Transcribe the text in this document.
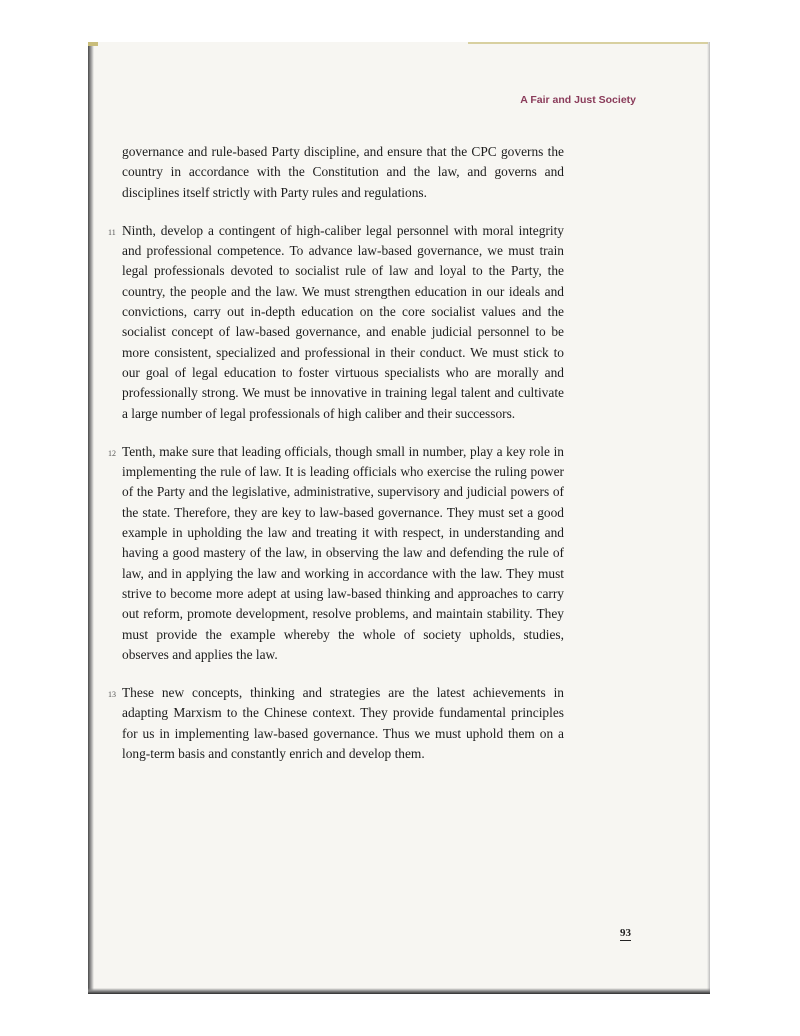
A Fair and Just Society

governance and rule-based Party discipline, and ensure that the CPC governs the country in accordance with the Constitution and the law, and governs and disciplines itself strictly with Party rules and regulations.

11 Ninth, develop a contingent of high-caliber legal personnel with moral integrity and professional competence. To advance law-based governance, we must train legal professionals devoted to socialist rule of law and loyal to the Party, the country, the people and the law. We must strengthen education in our ideals and convictions, carry out in-depth education on the core socialist values and the socialist concept of law-based governance, and enable judicial personnel to be more consistent, specialized and professional in their conduct. We must stick to our goal of legal education to foster virtuous specialists who are morally and professionally strong. We must be innovative in training legal talent and cultivate a large number of legal professionals of high caliber and their successors.

12 Tenth, make sure that leading officials, though small in number, play a key role in implementing the rule of law. It is leading officials who exercise the ruling power of the Party and the legislative, administrative, supervisory and judicial powers of the state. Therefore, they are key to law-based governance. They must set a good example in upholding the law and treating it with respect, in understanding and having a good mastery of the law, in observing the law and defending the rule of law, and in applying the law and working in accordance with the law. They must strive to become more adept at using law-based thinking and approaches to carry out reform, promote development, resolve problems, and maintain stability. They must provide the example whereby the whole of society upholds, studies, observes and applies the law.

13 These new concepts, thinking and strategies are the latest achievements in adapting Marxism to the Chinese context. They provide fundamental principles for us in implementing law-based governance. Thus we must uphold them on a long-term basis and constantly enrich and develop them.

93
